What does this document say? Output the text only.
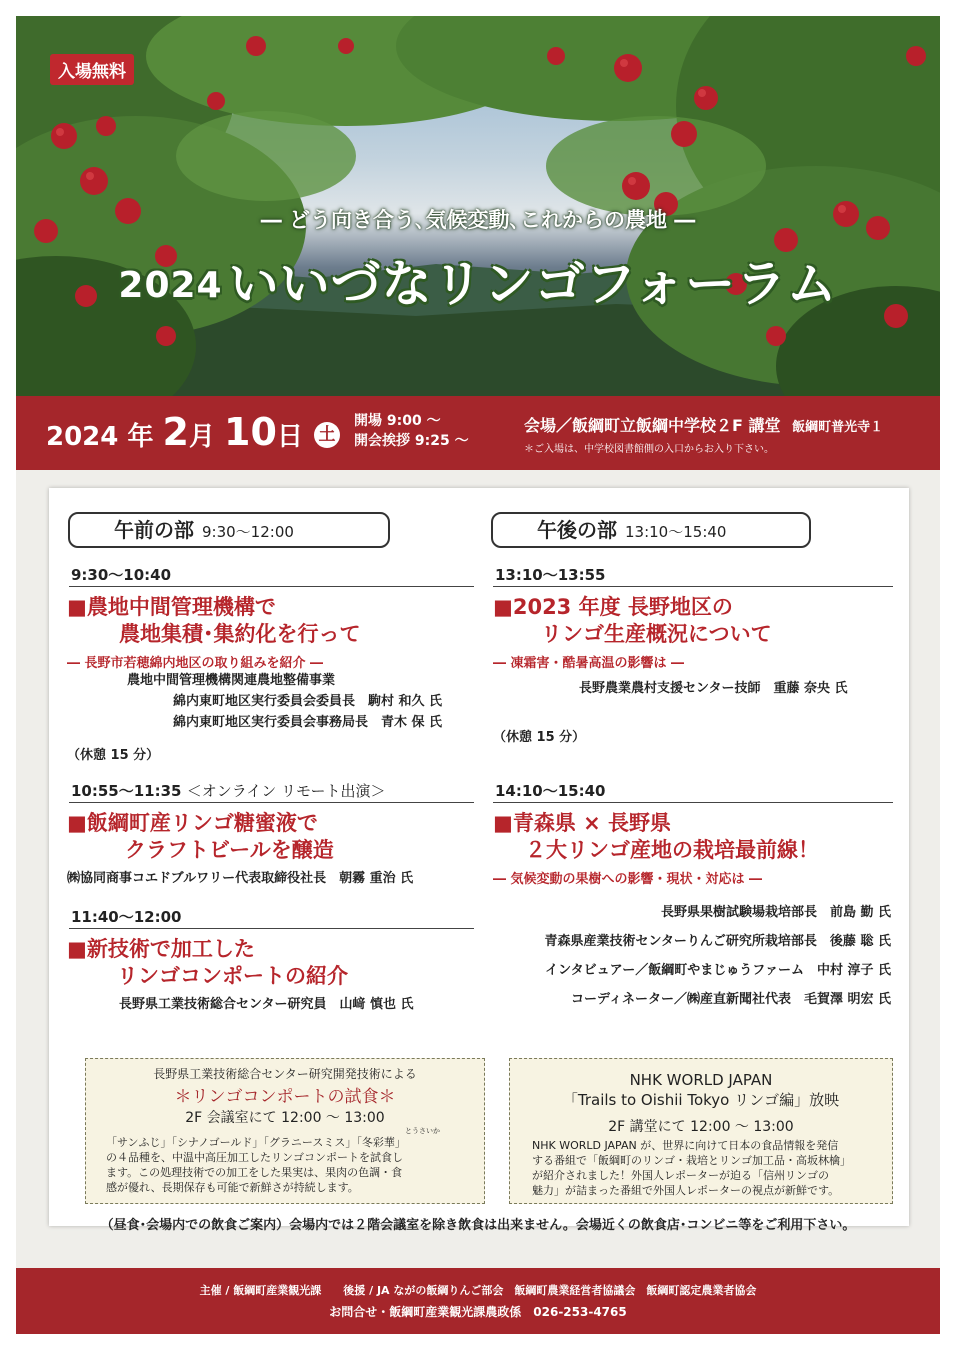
入場無料
― どう向き合う､気候変動､これからの農地 ―
2024 いいづなリンゴフォーラム
2024 年 2月 10日 土
開場 9:00 ～
開会挨拶 9:25 ～
会場／飯綱町立飯綱中学校２F 講堂 飯綱町普光寺１
＊ご入場は、中学校図書館側の入口からお入り下さい。
午前の部 9:30～12:00
9:30～10:40
■農地中間管理機構で
農地集積･集約化を行って
― 長野市若穂綿内地区の取り組みを紹介 ―
農地中間管理機構関連農地整備事業
綿内東町地区実行委員会委員長　駒村 和久 氏
綿内東町地区実行委員会事務局長　青木 保 氏
（休憩 15 分）
10:55～11:35 ＜オンライン リモート出演＞
■飯綱町産リンゴ糖蜜液で
クラフトビールを醸造
㈱協同商事コエドブルワリー代表取締役社長　朝霧 重治 氏
11:40～12:00
■新技術で加工した
リンゴコンポートの紹介
長野県工業技術総合センター研究員　山﨑 慎也 氏
午後の部 13:10～15:40
13:10～13:55
■2023 年度 長野地区の
リンゴ生産概況について
― 凍霜害・酷暑高温の影響は ―
長野農業農村支援センター技師　重藤 奈央 氏
（休憩 15 分）
14:10～15:40
■青森県 × 長野県
２大リンゴ産地の栽培最前線！
― 気候変動の果樹への影響・現状・対応は ―
長野県果樹試験場栽培部長　前島 勤 氏
青森県産業技術センターりんご研究所栽培部長　後藤 聡 氏
インタビュアー／飯綱町やまじゅうファーム　中村 淳子 氏
コーディネーター／㈱産直新聞社代表　毛賀澤 明宏 氏
長野県工業技術総合センター研究開発技術による
＊リンゴコンポートの試食＊
2F 会議室にて 12:00 ～ 13:00
とうさいか
「サンふじ」「シナノゴールド」「グラニースミス」「冬彩華」
の４品種を、中温中高圧加工したリンゴコンポートを試食し
ます。この処理技術での加工をした果実は、果肉の色調・食
感が優れ、長期保存も可能で新鮮さが持続します。
NHK WORLD JAPAN
「Trails to Oishii Tokyo リンゴ編」放映
2F 講堂にて 12:00 ～ 13:00
NHK WORLD JAPAN が、世界に向けて日本の食品情報を発信
する番組で「飯綱町のリンゴ・栽培とリンゴ加工品・高坂林檎」
が紹介されました！外国人レポーターが迫る「信州リンゴの
魅力」が詰まった番組で外国人レポーターの視点が新鮮です。
（昼食･会場内での飲食ご案内）会場内では２階会議室を除き飲食は出来ません。会場近くの飲食店･コンビニ等をご利用下さい。
主催 / 飯綱町産業観光課　　後援 / JA ながの飯綱りんご部会　飯綱町農業経営者協議会　飯綱町認定農業者協会
お問合せ・飯綱町産業観光課農政係　026-253-4765
